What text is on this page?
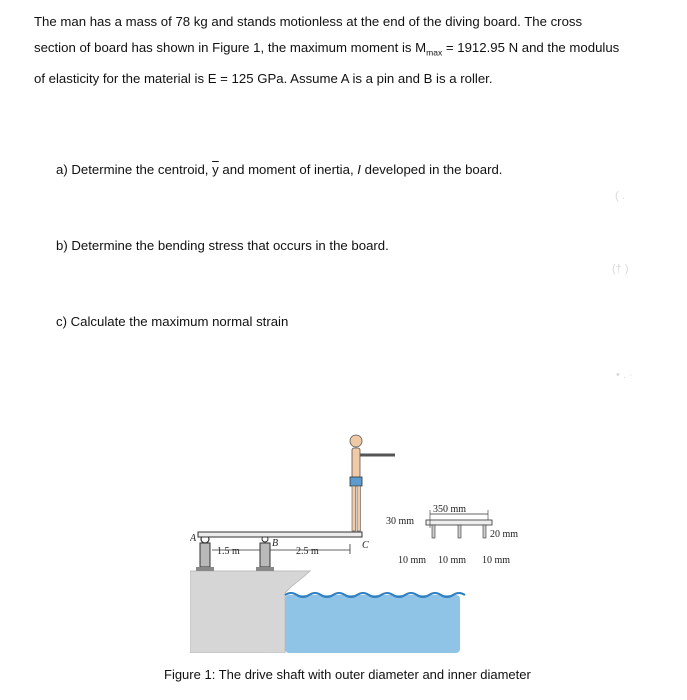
The man has a mass of 78 kg and stands motionless at the end of the diving board. The cross
section of board has shown in Figure 1, the maximum moment is $M_{max} = 1912.95$ N and the modulus
of elasticity for the material is E = 125 GPa. Assume A is a pin and B is a roller.
a) Determine the centroid, $\overline{y}$ and moment of inertia, I developed in the board.
b) Determine the bending stress that occurs in the board.
c) Calculate the maximum normal strain
( .
(† )
• . ·
1.5 m	2.5 m
A	B	C
350 mm
30 mm
20 mm
10 mm 10 mm 10 mm
Figure 1: The drive shaft with outer diameter and inner diameter
